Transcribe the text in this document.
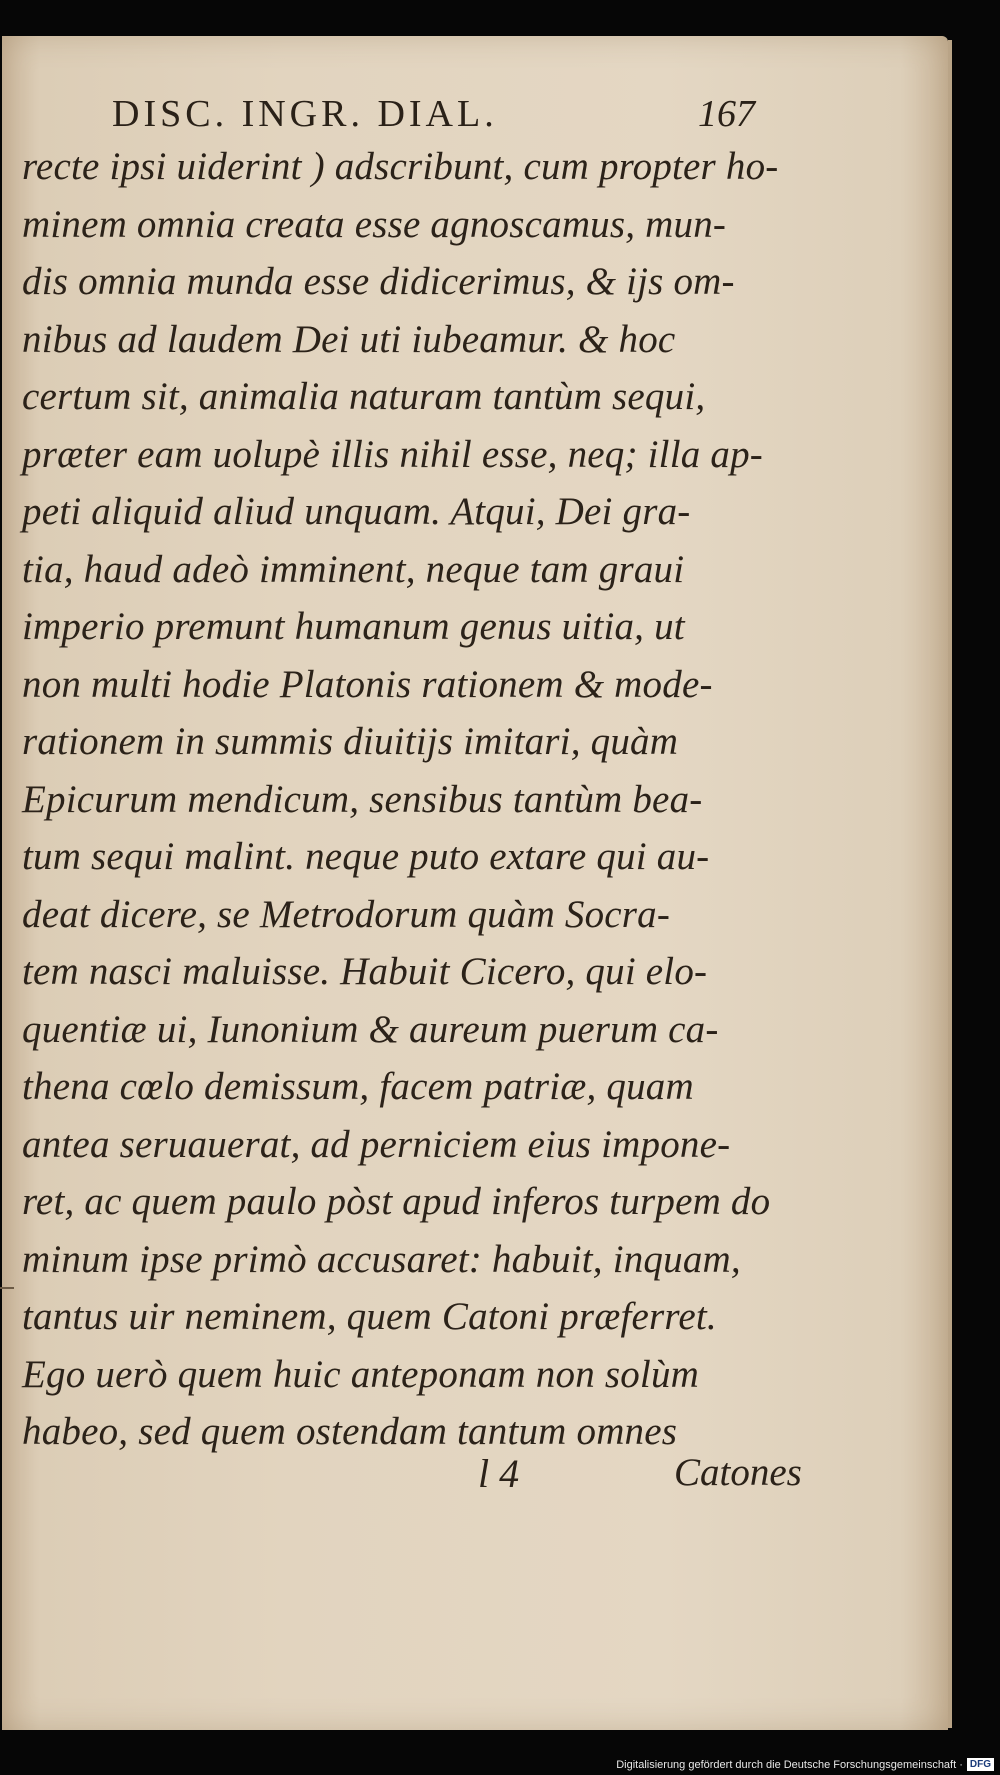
DISC. INGR. DIAL.	167
recte ipsi uiderint ) adscribunt, cum propter ho-
minem omnia creata esse agnoscamus, mun-
dis omnia munda esse didicerimus, & ijs om-
nibus ad laudem Dei uti iubeamur. & hoc
certum sit, animalia naturam tantùm sequi,
præter eam uolupè illis nihil esse, neq; illa ap-
peti aliquid aliud unquam. Atqui, Dei gra-
tia, haud adeò imminent, neque tam graui
imperio premunt humanum genus uitia, ut
non multi hodie Platonis rationem & mode-
rationem in summis diuitijs imitari, quàm
Epicurum mendicum, sensibus tantùm bea-
tum sequi malint. neque puto extare qui au-
deat dicere, se Metrodorum quàm Socra-
tem nasci maluisse. Habuit Cicero, qui elo-
quentiæ ui, Iunonium & aureum puerum ca-
thena cœlo demissum, facem patriæ, quam
antea seruauerat, ad perniciem eius impone-
ret, ac quem paulo pòst apud inferos turpem do
minum ipse primò accusaret: habuit, inquam,
tantus uir neminem, quem Catoni præferret.
Ego uerò quem huic anteponam non solùm
habeo, sed quem ostendam tantum omnes
l 4	Catones
Digitalisierung gefördert durch die Deutsche Forschungsgemeinschaft · DFG
